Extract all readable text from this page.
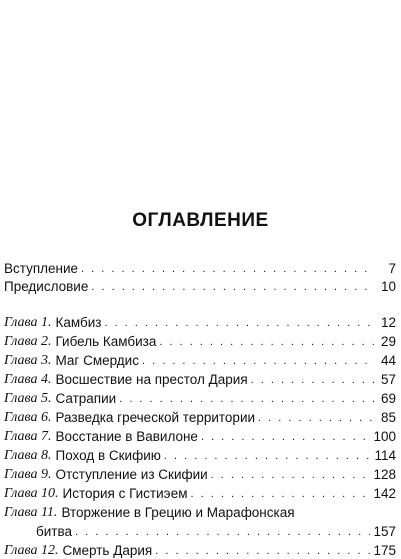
ОГЛАВЛЕНИЕ
Вступление . . .	7
Предисловие . . .	10
Глава 1. Камбиз . . .	12
Глава 2. Гибель Камбиза . . .	29
Глава 3. Маг Смердис . . .	44
Глава 4. Восшествие на престол Дария . . .	57
Глава 5. Сатрапии . . .	69
Глава 6. Разведка греческой территории . . .	85
Глава 7. Восстание в Вавилоне . . .	100
Глава 8. Поход в Скифию . . .	114
Глава 9. Отступление из Скифии . . .	128
Глава 10. История с Гистиэем . . .	142
Глава 11. Вторжение в Грецию и Марафонская
битва . . .	157
Глава 12. Смерть Дария . . .	175
